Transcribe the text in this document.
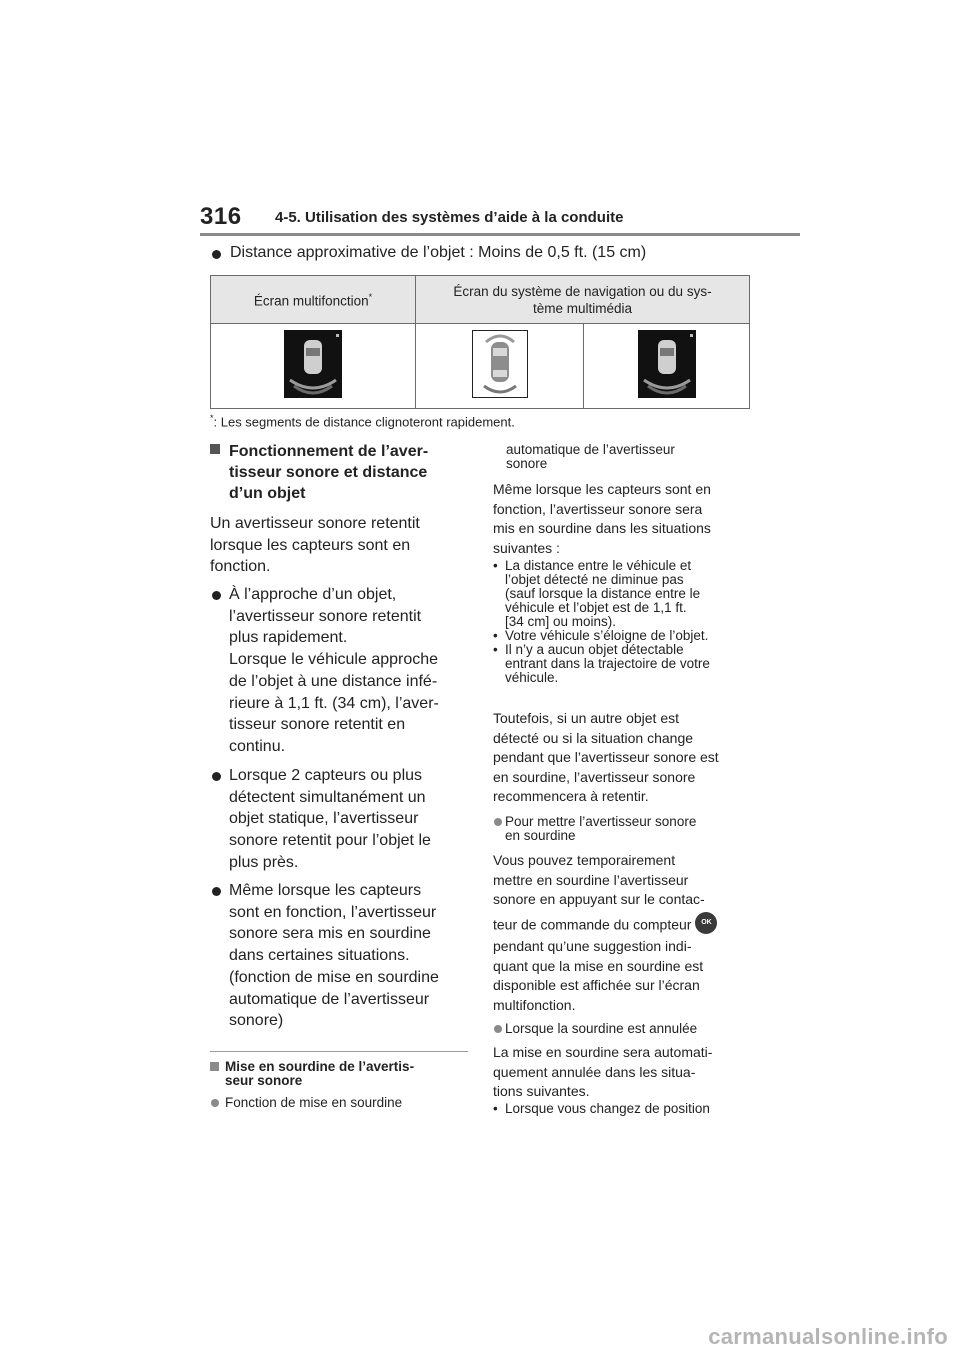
316 4-5. Utilisation des systèmes d’aide à la conduite
Distance approximative de l’objet : Moins de 0,5 ft. (15 cm)
Écran multifonction*	Écran du système de navigation ou du sys-
tème multimédia	

*: Les segments de distance clignoteront rapidement.
Fonctionnement de l’aver-
tisseur sonore et distance
d’un objet
Un avertisseur sonore retentit
lorsque les capteurs sont en
fonction.
À l’approche d’un objet,
l’avertisseur sonore retentit
plus rapidement.
Lorsque le véhicule approche
de l’objet à une distance infé-
rieure à 1,1 ft. (34 cm), l’aver-
tisseur sonore retentit en
continu.
Lorsque 2 capteurs ou plus
détectent simultanément un
objet statique, l’avertisseur
sonore retentit pour l’objet le
plus près.
Même lorsque les capteurs
sont en fonction, l’avertisseur
sonore sera mis en sourdine
dans certaines situations.
(fonction de mise en sourdine
automatique de l’avertisseur
sonore)
Mise en sourdine de l’avertis-
seur sonore
Fonction de mise en sourdine
automatique de l’avertisseur
sonore
Même lorsque les capteurs sont en
fonction, l’avertisseur sonore sera
mis en sourdine dans les situations
suivantes :
• La distance entre le véhicule et
l’objet détecté ne diminue pas
(sauf lorsque la distance entre le
véhicule et l’objet est de 1,1 ft.
[34 cm] ou moins).
• Votre véhicule s’éloigne de l’objet.
• Il n’y a aucun objet détectable
entrant dans la trajectoire de votre
véhicule.
Toutefois, si un autre objet est
détecté ou si la situation change
pendant que l’avertisseur sonore est
en sourdine, l’avertisseur sonore
recommencera à retentir.
Pour mettre l’avertisseur sonore
en sourdine
Vous pouvez temporairement
mettre en sourdine l’avertisseur
sonore en appuyant sur le contac-
teur de commande du compteur OK
pendant qu’une suggestion indi-
quant que la mise en sourdine est
disponible est affichée sur l’écran
multifonction.
Lorsque la sourdine est annulée
La mise en sourdine sera automati-
quement annulée dans les situa-
tions suivantes.
• Lorsque vous changez de position
carmanualsonline.info
